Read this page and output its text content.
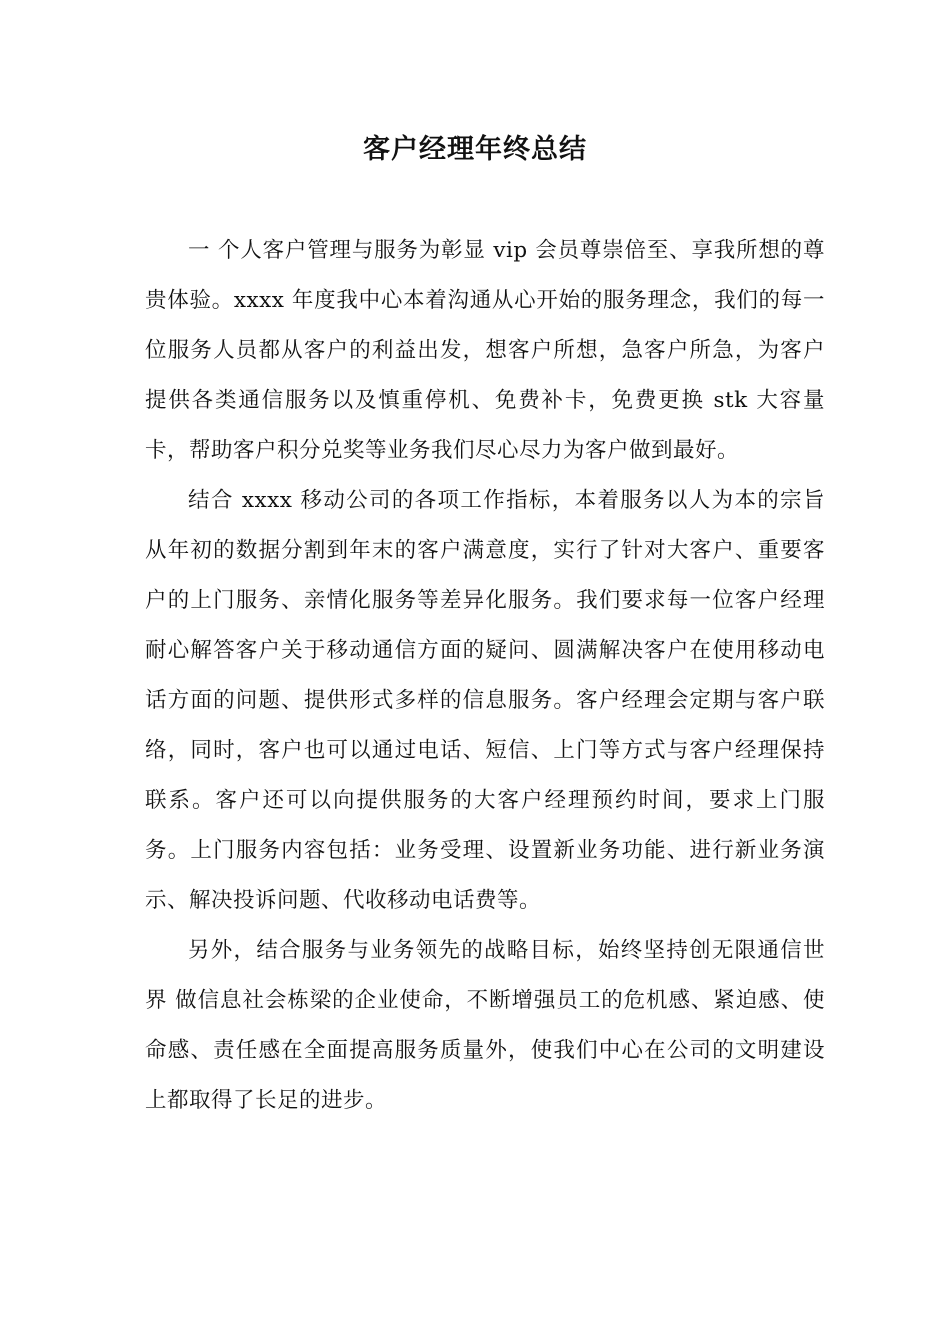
客户经理年终总结

一 个人客户管理与服务为彰显 vip 会员尊崇倍至、享我所想的尊贵体验。xxxx 年度我中心本着沟通从心开始的服务理念，我们的每一位服务人员都从客户的利益出发，想客户所想，急客户所急，为客户提供各类通信服务以及慎重停机、免费补卡，免费更换 stk 大容量卡，帮助客户积分兑奖等业务我们尽心尽力为客户做到最好。

结合 xxxx 移动公司的各项工作指标，本着服务以人为本的宗旨从年初的数据分割到年末的客户满意度，实行了针对大客户、重要客户的上门服务、亲情化服务等差异化服务。我们要求每一位客户经理耐心解答客户关于移动通信方面的疑问、圆满解决客户在使用移动电话方面的问题、提供形式多样的信息服务。客户经理会定期与客户联络，同时，客户也可以通过电话、短信、上门等方式与客户经理保持联系。客户还可以向提供服务的大客户经理预约时间，要求上门服务。上门服务内容包括：业务受理、设置新业务功能、进行新业务演示、解决投诉问题、代收移动电话费等。

另外，结合服务与业务领先的战略目标，始终坚持创无限通信世界 做信息社会栋梁的企业使命，不断增强员工的危机感、紧迫感、使命感、责任感在全面提高服务质量外，使我们中心在公司的文明建设上都取得了长足的进步。
